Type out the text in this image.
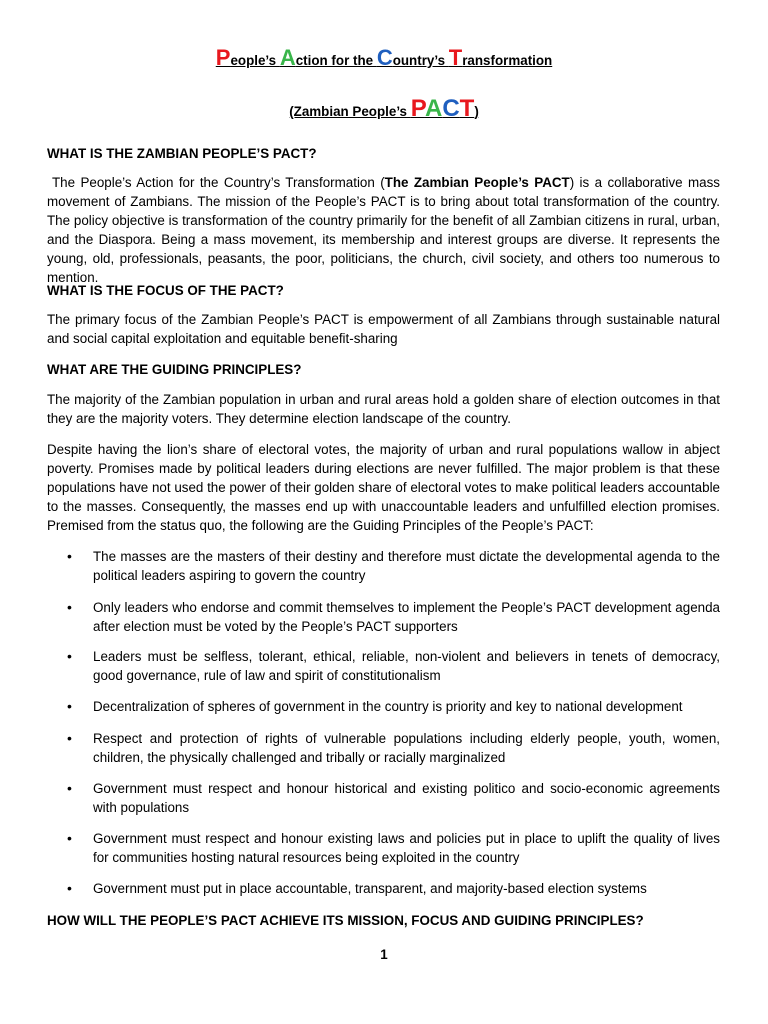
People’s Action for the Country’s Transformation
(Zambian People’s PACT)
WHAT IS THE ZAMBIAN PEOPLE’S PACT?
The People’s Action for the Country’s Transformation (The Zambian People’s PACT) is a collaborative mass movement of Zambians. The mission of the People’s PACT is to bring about total transformation of the country. The policy objective is transformation of the country primarily for the benefit of all Zambian citizens in rural, urban, and the Diaspora. Being a mass movement, its membership and interest groups are diverse. It represents the young, old, professionals, peasants, the poor, politicians, the church, civil society, and others too numerous to mention.
WHAT IS THE FOCUS OF THE PACT?
The primary focus of the Zambian People’s PACT is empowerment of all Zambians through sustainable natural and social capital exploitation and equitable benefit-sharing
WHAT ARE THE GUIDING PRINCIPLES?
The majority of the Zambian population in urban and rural areas hold a golden share of election outcomes in that they are the majority voters. They determine election landscape of the country.
Despite having the lion’s share of electoral votes, the majority of urban and rural populations wallow in abject poverty. Promises made by political leaders during elections are never fulfilled. The major problem is that these populations have not used the power of their golden share of electoral votes to make political leaders accountable to the masses. Consequently, the masses end up with unaccountable leaders and unfulfilled election promises. Premised from the status quo, the following are the Guiding Principles of the People’s PACT:
• The masses are the masters of their destiny and therefore must dictate the developmental agenda to the political leaders aspiring to govern the country
• Only leaders who endorse and commit themselves to implement the People’s PACT development agenda after election must be voted by the People’s PACT supporters
• Leaders must be selfless, tolerant, ethical, reliable, non-violent and believers in tenets of democracy, good governance, rule of law and spirit of constitutionalism
• Decentralization of spheres of government in the country is priority and key to national development
• Respect and protection of rights of vulnerable populations including elderly people, youth, women, children, the physically challenged and tribally or racially marginalized
• Government must respect and honour historical and existing politico and socio-economic agreements with populations
• Government must respect and honour existing laws and policies put in place to uplift the quality of lives for communities hosting natural resources being exploited in the country
• Government must put in place accountable, transparent, and majority-based election systems
HOW WILL THE PEOPLE’S PACT ACHIEVE ITS MISSION, FOCUS AND GUIDING PRINCIPLES?
1
